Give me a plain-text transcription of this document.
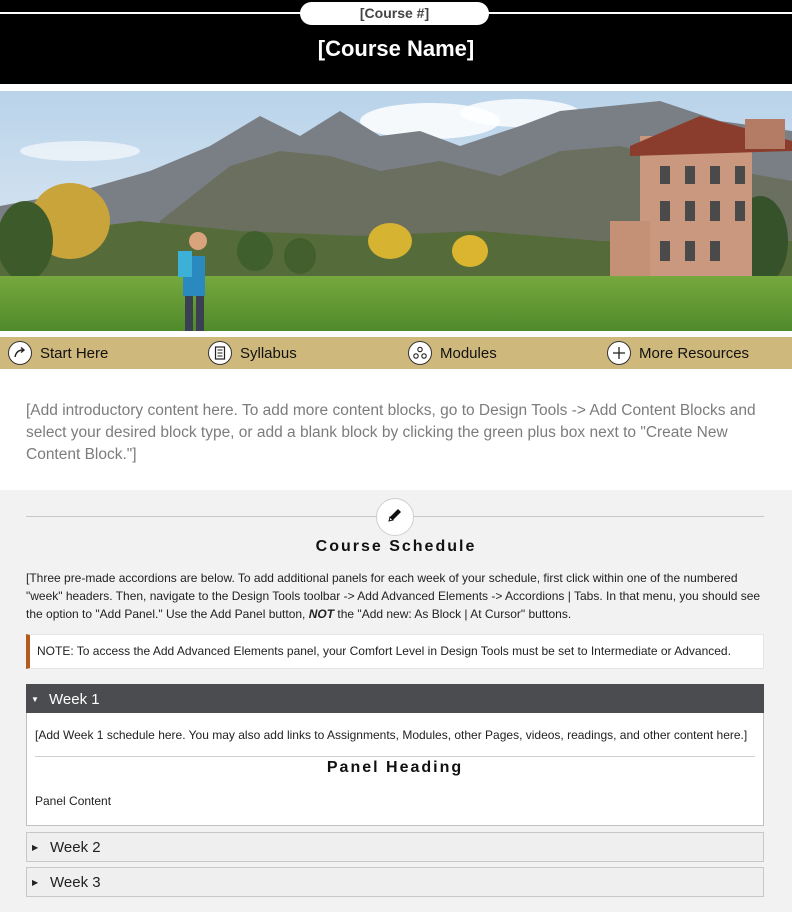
[Course #]
[Course Name]
Start Here	Syllabus	Modules	More Resources
[Add introductory content here. To add more content blocks, go to Design Tools -> Add Content Blocks and select your desired block type, or add a blank block by clicking the green plus box next to "Create New Content Block."]
Course Schedule
[Three pre-made accordions are below. To add additional panels for each week of your schedule, first click within one of the numbered "week" headers. Then, navigate to the Design Tools toolbar -> Add Advanced Elements -> Accordions | Tabs. In that menu, you should see the option to "Add Panel." Use the Add Panel button, NOT the "Add new: As Block | At Cursor" buttons.
NOTE: To access the Add Advanced Elements panel, your Comfort Level in Design Tools must be set to Intermediate or Advanced.
▼ Week 1
[Add Week 1 schedule here. You may also add links to Assignments, Modules, other Pages, videos, readings, and other content here.]
Panel Heading
Panel Content
▶ Week 2
▶ Week 3
